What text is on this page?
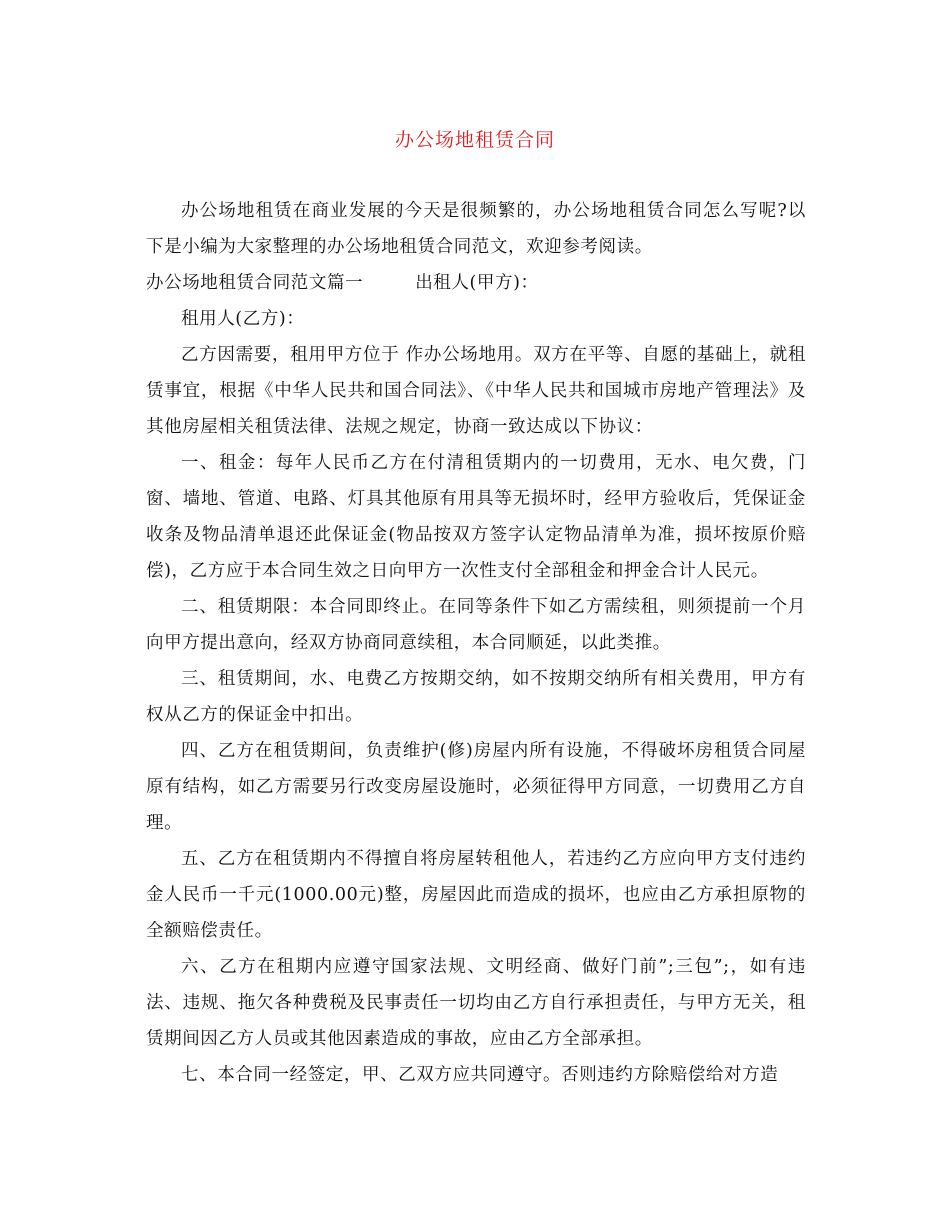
办公场地租赁合同

办公场地租赁在商业发展的今天是很频繁的，办公场地租赁合同怎么写呢?以下是小编为大家整理的办公场地租赁合同范文，欢迎参考阅读。

办公场地租赁合同范文篇一	出租人(甲方)：

租用人(乙方)：

乙方因需要，租用甲方位于 作办公场地用。双方在平等、自愿的基础上，就租赁事宜，根据《中华人民共和国合同法》、《中华人民共和国城市房地产管理法》及其他房屋相关租赁法律、法规之规定，协商一致达成以下协议：

一、租金：每年人民币乙方在付清租赁期内的一切费用，无水、电欠费，门窗、墙地、管道、电路、灯具其他原有用具等无损坏时，经甲方验收后，凭保证金收条及物品清单退还此保证金(物品按双方签字认定物品清单为准，损坏按原价赔偿)，乙方应于本合同生效之日向甲方一次性支付全部租金和押金合计人民元。

二、租赁期限：本合同即终止。在同等条件下如乙方需续租，则须提前一个月向甲方提出意向，经双方协商同意续租，本合同顺延，以此类推。

三、租赁期间，水、电费乙方按期交纳，如不按期交纳所有相关费用，甲方有权从乙方的保证金中扣出。

四、乙方在租赁期间，负责维护(修)房屋内所有设施，不得破坏房租赁合同屋原有结构，如乙方需要另行改变房屋设施时，必须征得甲方同意，一切费用乙方自理。

五、乙方在租赁期内不得擅自将房屋转租他人，若违约乙方应向甲方支付违约金人民币一千元(1000.00元)整，房屋因此而造成的损坏，也应由乙方承担原物的全额赔偿责任。

六、乙方在租期内应遵守国家法规、文明经商、做好门前”;三包”;，如有违法、违规、拖欠各种费税及民事责任一切均由乙方自行承担责任，与甲方无关，租赁期间因乙方人员或其他因素造成的事故，应由乙方全部承担。

七、本合同一经签定，甲、乙双方应共同遵守。否则违约方除赔偿给对方造
